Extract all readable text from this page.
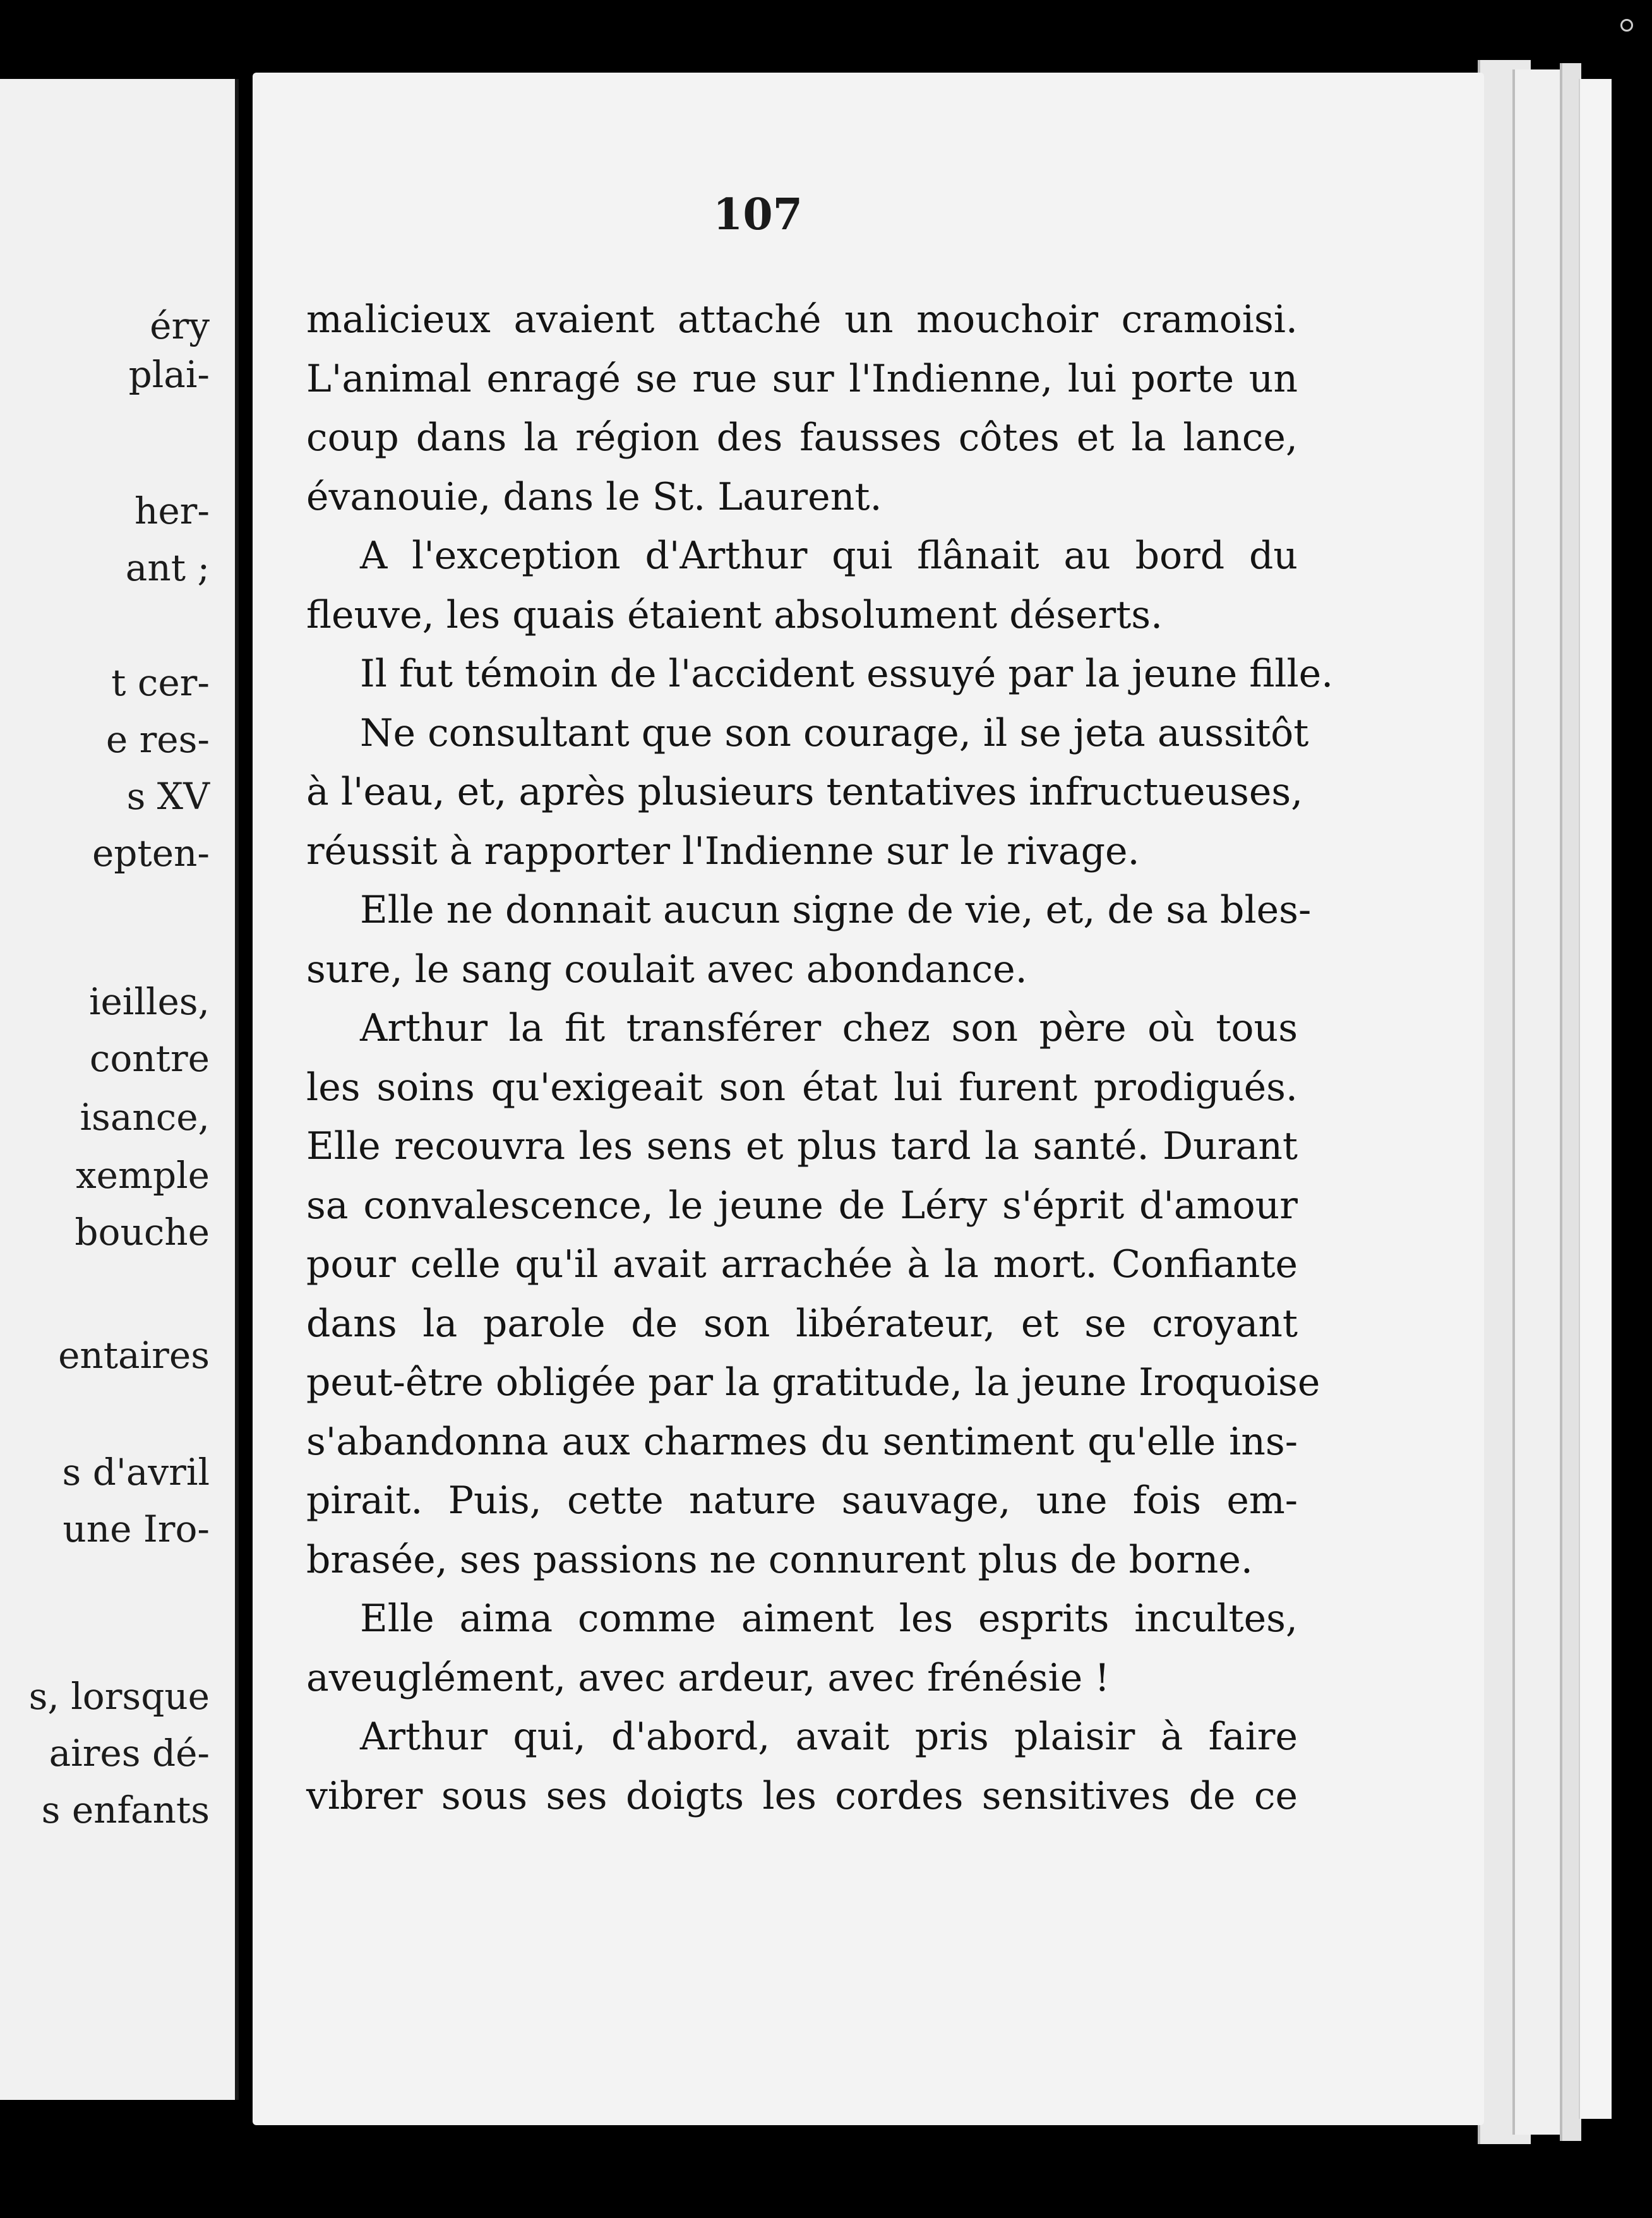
éry
plai-
her-
ant ;
t cer-
e res-
s XV
epten-
ieilles,
contre
isance,
xemple
bouche
entaires
s d'avril
une Iro-
s, lorsque
aires dé-
s enfants
107
malicieux avaient attaché un mouchoir cramoisi.
L'animal enragé se rue sur l'Indienne, lui porte un
coup dans la région des fausses côtes et la lance,
évanouie, dans le St. Laurent.
A l'exception d'Arthur qui flânait au bord du
fleuve, les quais étaient absolument déserts.
Il fut témoin de l'accident essuyé par la jeune fille.
Ne consultant que son courage, il se jeta aussitôt
à l'eau, et, après plusieurs tentatives infructueuses,
réussit à rapporter l'Indienne sur le rivage.
Elle ne donnait aucun signe de vie, et, de sa bles-
sure, le sang coulait avec abondance.
Arthur la fit transférer chez son père où tous
les soins qu'exigeait son état lui furent prodigués.
Elle recouvra les sens et plus tard la santé. Durant
sa convalescence, le jeune de Léry s'éprit d'amour
pour celle qu'il avait arrachée à la mort. Confiante
dans la parole de son libérateur, et se croyant
peut-être obligée par la gratitude, la jeune Iroquoise
s'abandonna aux charmes du sentiment qu'elle ins-
pirait. Puis, cette nature sauvage, une fois em-
brasée, ses passions ne connurent plus de borne.
Elle aima comme aiment les esprits incultes,
aveuglément, avec ardeur, avec frénésie !
Arthur qui, d'abord, avait pris plaisir à faire
vibrer sous ses doigts les cordes sensitives de ce
